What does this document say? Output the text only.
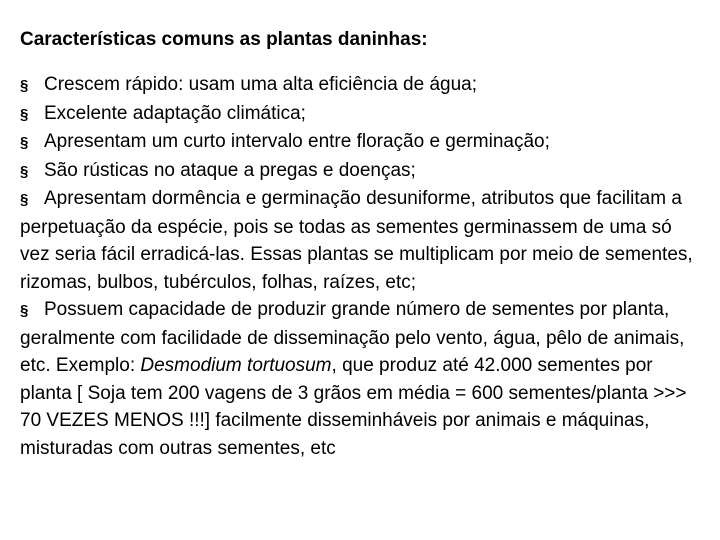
Características comuns as plantas daninhas:
§ Crescem rápido: usam uma alta eficiência de água;
§ Excelente adaptação climática;
§ Apresentam um curto intervalo entre floração e germinação;
§ São rústicas no ataque a pregas e doenças;
§ Apresentam dormência e germinação desuniforme, atributos que facilitam a perpetuação da espécie, pois se todas as sementes germinassem de uma só vez seria fácil erradicá-las. Essas plantas se multiplicam por meio de sementes, rizomas, bulbos, tubérculos, folhas, raízes, etc;
§ Possuem capacidade de produzir grande número de sementes por planta, geralmente com facilidade de disseminação pelo vento, água, pêlo de animais, etc. Exemplo: Desmodium tortuosum, que produz até 42.000 sementes por planta [ Soja tem 200 vagens de 3 grãos em média = 600 sementes/planta >>> 70 VEZES MENOS !!!] facilmente disseminháveis por animais e máquinas, misturadas com outras sementes, etc
